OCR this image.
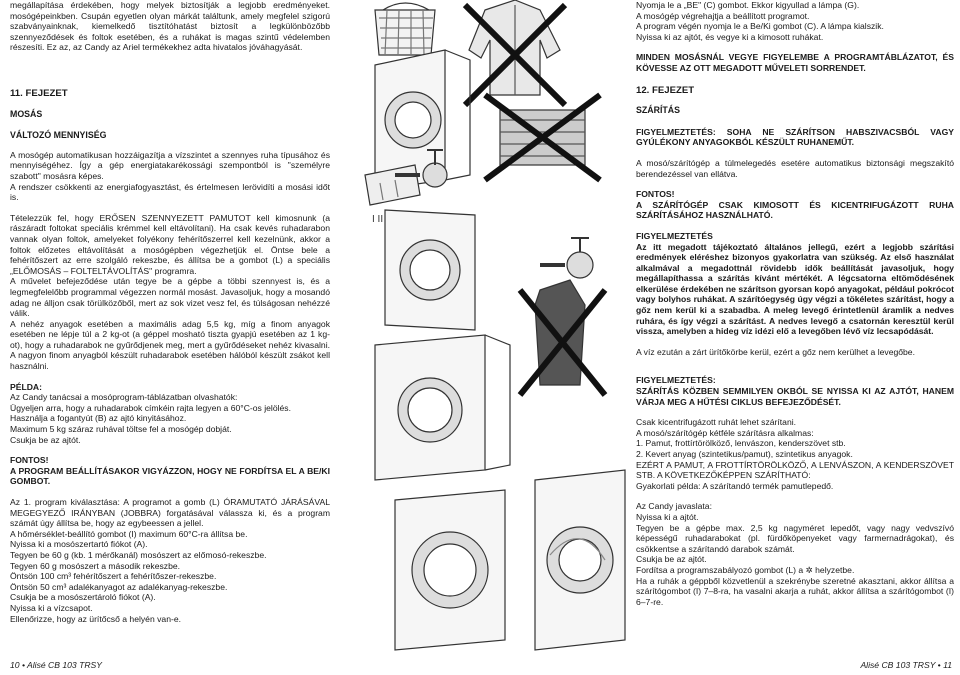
megállapítása érdekében, hogy melyek biztosítják a legjobb eredményeket. mosógépeinkben. Csupán egyetlen olyan márkát találtunk, amely megfelel szigorú szabványainknak, kiemelkedő tisztítóhatást biztosít a legkülönbözőbb szennyeződések és foltok esetében, és a ruhákat is magas szintű védelemben részesíti. Ez az, az Candy az Ariel termékekhez adta hivatalos jóváhagyását.

11. FEJEZET

MOSÁS

VÁLTOZÓ MENNYISÉG

A mosógép automatikusan hozzáigazítja a vízszintet a szennyes ruha típusához és mennyiségéhez. Így a gép energiatakarékossági szempontból is "személyre szabott" mosásra képes.

A rendszer csökkenti az energiafogyasztást, és értelmesen lerövidíti a mosási időt is.

Tételezzük fel, hogy ERŐSEN SZENNYEZETT PAMUTOT kell kimosnunk (a rászáradt foltokat speciális krémmel kell eltávolítani). Ha csak kevés ruhadarabon vannak olyan foltok, amelyeket folyékony fehérítőszerrel kell kezelnünk, akkor a foltok előzetes eltávolítását a mosógépben végezhetjük el. Öntse bele a fehérítőszert az erre szolgáló rekeszbe, és állítsa be a gombot (L) a speciális „ELŐMOSÁS – FOLTELTÁVOLÍTÁS" programra.

A művelet befejeződése után tegye be a gépbe a többi szennyest is, és a legmegfelelőbb programmal végezzen normál mosást. Javasoljuk, hogy a mosandó adag ne álljon csak törülközőből, mert az sok vizet vesz fel, és túlságosan nehézzé válik.

A nehéz anyagok esetében a maximális adag 5,5 kg, míg a finom anyagok esetében ne lépje túl a 2 kg-ot (a géppel mosható tiszta gyapjú esetében az 1 kg-ot), hogy a ruhadarabok ne gyűrődjenek meg, mert a gyűrődéseket nehéz kivasalni. A nagyon finom anyagból készült ruhadarabok esetében hálóból készült zsákot kell használni.

PÉLDA:

Az Candy tanácsai a mosóprogram-táblázatban olvashatók:

Ügyeljen arra, hogy a ruhadarabok címkéin rajta legyen a 60°C-os jelölés.

Használja a fogantyút (B) az ajtó kinyitásához.

Maximum 5 kg száraz ruhával töltse fel a mosógép dobját.

Csukja be az ajtót.

FONTOS!

A PROGRAM BEÁLLÍTÁSAKOR VIGYÁZZON, HOGY NE FORDÍTSA EL A BE/KI GOMBOT.

Az 1. program kiválasztása: A programot a gomb (L) ÓRAMUTATÓ JÁRÁSÁVAL MEGEGYEZŐ IRÁNYBAN (JOBBRA) forgatásával válassza ki, és a program számát úgy állítsa be, hogy az egybeessen a jellel.

A hőmérséklet-beállító gombot (I) maximum 60°C-ra állítsa be.

Nyissa ki a mosószertartó fiókot (A).

Tegyen be 60 g (kb. 1 mérőkanál) mosószert az előmosó-rekeszbe.

Tegyen 60 g mosószert a második rekeszbe.

Öntsön 100 cm³ fehérítőszert a fehérítőszer-rekeszbe.

Öntsön 50 cm³ adalékanyagot az adalékanyag-rekeszbe.

Csukja be a mosószertároló fiókot (A).

Nyissa ki a vízcsapot.

Ellenőrizze, hogy az ürítőcső a helyén van-e.

Nyomja le a „BE" (C) gombot. Ekkor kigyullad a lámpa (G).

A mosógép végrehajtja a beállított programot.

A program végén nyomja le a Be/Ki gombot (C). A lámpa kialszik.

Nyissa ki az ajtót, és vegye ki a kimosott ruhákat.

MINDEN MOSÁSNÁL VEGYE FIGYELEMBE A PROGRAMTÁBLÁZATOT, ÉS KÖVESSE AZ OTT MEGADOTT MŰVELETI SORRENDET.

12. FEJEZET

SZÁRÍTÁS

FIGYELMEZTETÉS: SOHA NE SZÁRÍTSON HABSZIVACSBÓL VAGY GYÚLÉKONY ANYAGOKBÓL KÉSZÜLT RUHANEMŰT.

A mosó/szárítógép a túlmelegedés esetére automatikus biztonsági megszakító berendezéssel van ellátva.

FONTOS!

A SZÁRÍTÓGÉP CSAK KIMOSOTT ÉS KICENTRIFUGÁZOTT RUHA SZÁRÍTÁSÁHOZ HASZNÁLHATÓ.

FIGYELMEZTETÉS

Az itt megadott tájékoztató általános jellegű, ezért a legjobb szárítási eredmények eléréshez bizonyos gyakorlatra van szükség. Az első használat alkalmával a megadottnál rövidebb idők beállítását javasoljuk, hogy megállapíthassa a szárítás kívánt mértékét. A légcsatorna eltömődésének elkerülése érdekében ne szárítson gyorsan kopó anyagokat, például pokrócot vagy bolyhos ruhákat. A szárítóegység úgy végzi a tökéletes szárítást, hogy a gőz nem kerül ki a szabadba. A meleg levegő érintetlenül áramlik a nedves ruhára, és így végzi a szárítást. A nedves levegő a csatornán keresztül kerül vissza, amelyben a hideg víz idézi elő a levegőben lévő víz lecsapódását.

A víz ezután a zárt ürítőkörbe kerül, ezért a gőz nem kerülhet a levegőbe.

FIGYELMEZTETÉS:

SZÁRÍTÁS KÖZBEN SEMMILYEN OKBÓL SE NYISSA KI AZ AJTÓT, HANEM VÁRJA MEG A HŰTÉSI CIKLUS BEFEJEZŐDÉSÉT.

Csak kicentrifugázott ruhát lehet szárítani.

A mosó/szárítógép kétféle szárításra alkalmas:

1. Pamut, frottírtörölköző, lenvászon, kenderszövet stb.

2. Kevert anyag (szintetikus/pamut), szintetikus anyagok.

EZÉRT A PAMUT, A FROTTÍRTÖRÖLKÖZŐ, A LENVÁSZON, A KENDERSZÖVET STB. A KÖVETKEZŐKÉPPEN SZÁRÍTHATÓ:

Gyakorlati példa: A szárítandó termék pamutlepedő.

Az Candy javaslata:

Nyissa ki a ajtót.

Tegyen be a gépbe max. 2,5 kg nagyméret lepedőt, vagy nagy vedvszívó képességű ruhadarabokat (pl. fürdőköpenyeket vagy farmernadrágokat), és csökkentse a szárítandó darabok számát.

Csukja be az ajtót.

Fordítsa a programszabályozó gombot (L) a ✲ helyzetbe.

Ha a ruhák a géppből közvetlenül a szekrénybe szeretné akasztani, akkor állítsa a szárítógombot (I) 7–8-ra, ha vasalni akarja a ruhát, akkor állítsa a szárítógombot (I) 6–7-re.

I II
10 • Alisé CB 103 TRSY	Alisé CB 103 TRSY • 11
